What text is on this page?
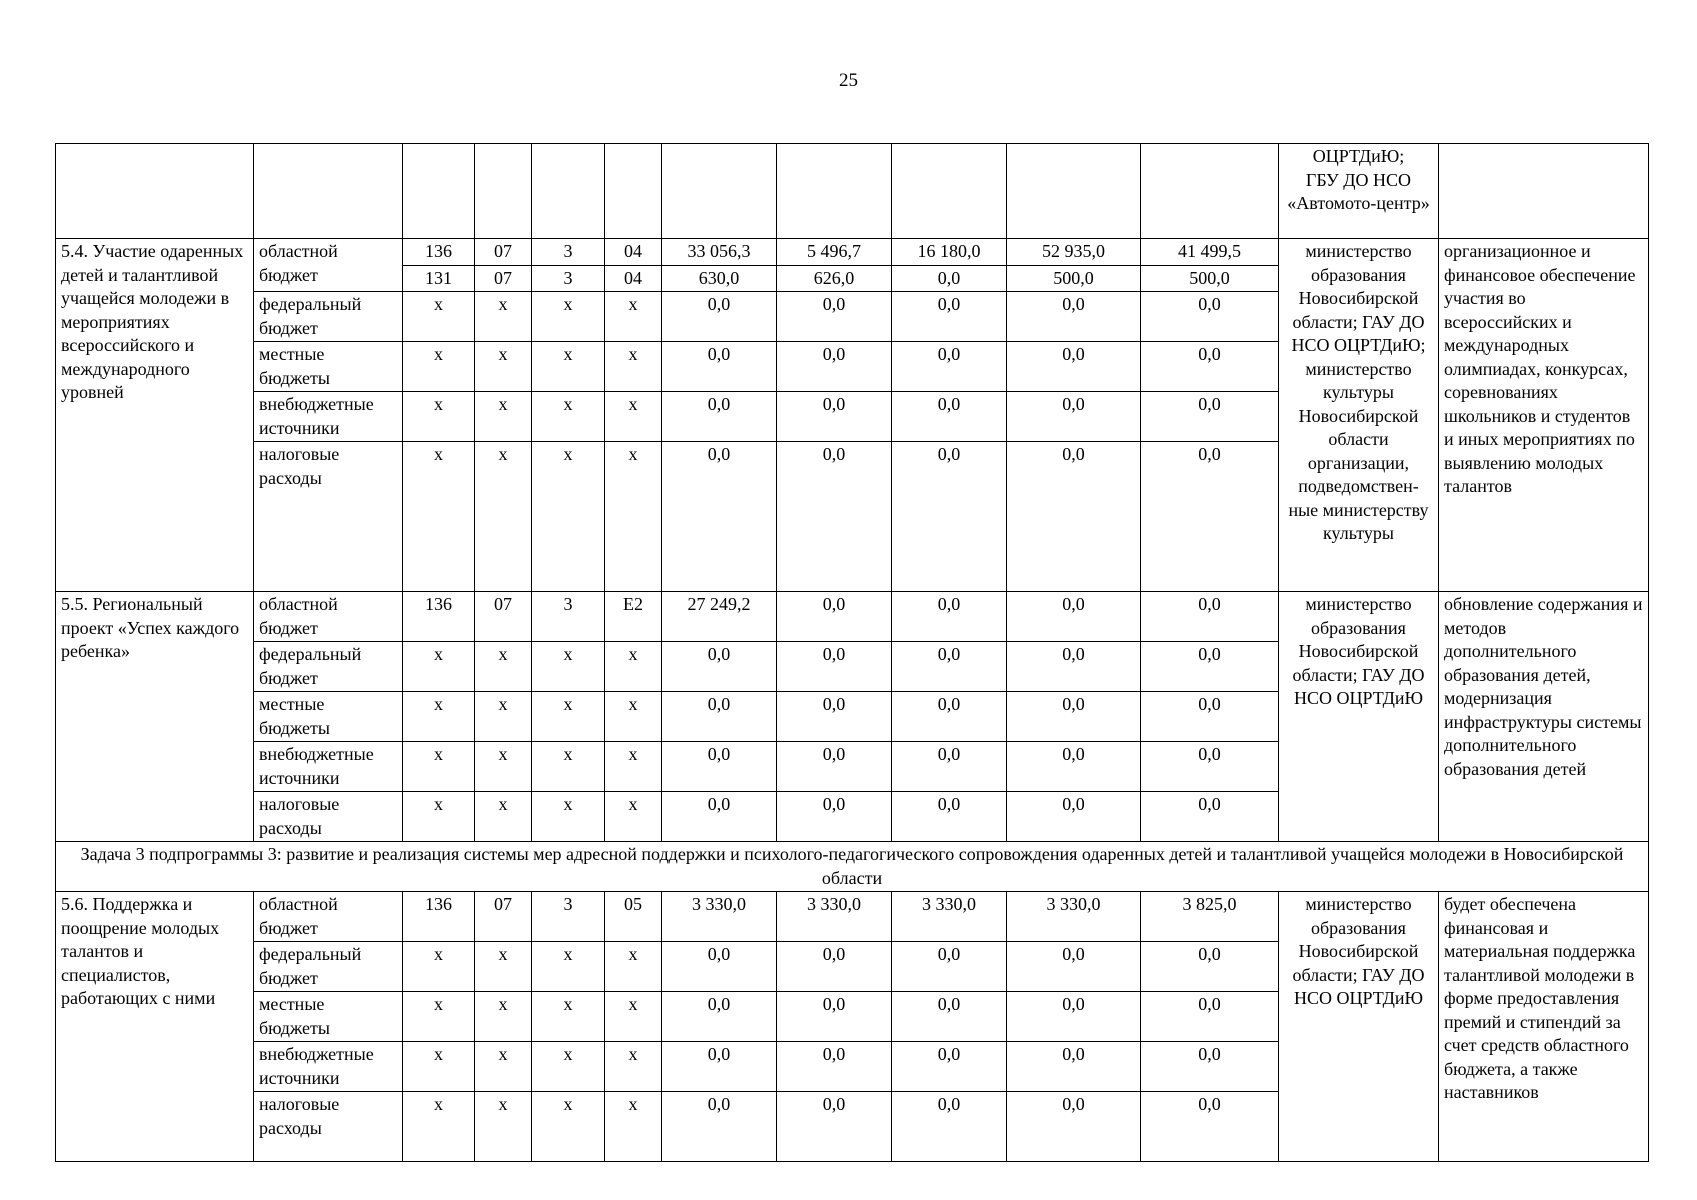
25
											ОЦРТДиЮ;
ГБУ ДО НСО «Автомото-центр»	
5.4. Участие одаренных детей и талантливой учащейся молодежи в мероприятиях всероссийского и международного уровней	областной бюджет	136	07	3	04	33 056,3	5 496,7	16 180,0	52 935,0	41 499,5	министерство образования Новосибирской области; ГАУ ДО НСО ОЦРТДиЮ; министерство культуры Новосибирской области организации, подведомствен-ные министерству культуры	организационное и финансовое обеспечение участия во всероссийских и международных олимпиадах, конкурсах, соревнованиях школьников и студентов и иных мероприятиях по выявлению молодых талантов
		131	07	3	04	630,0	626,0	0,0	500,0	500,0		
	федеральный бюджет	х	х	х	х	0,0	0,0	0,0	0,0	0,0		
	местные бюджеты	х	х	х	х	0,0	0,0	0,0	0,0	0,0		
	внебюджетные источники	х	х	х	х	0,0	0,0	0,0	0,0	0,0		
	налоговые расходы	х	х	х	х	0,0	0,0	0,0	0,0	0,0		
5.5. Региональный проект «Успех каждого ребенка»	областной бюджет	136	07	3	Е2	27 249,2	0,0	0,0	0,0	0,0	министерство образования Новосибирской области; ГАУ ДО НСО ОЦРТДиЮ	обновление содержания и методов дополнительного образования детей, модернизация инфраструктуры системы дополнительного образования детей
	федеральный бюджет	х	х	х	х	0,0	0,0	0,0	0,0	0,0		
	местные бюджеты	х	х	х	х	0,0	0,0	0,0	0,0	0,0		
	внебюджетные источники	х	х	х	х	0,0	0,0	0,0	0,0	0,0		
	налоговые расходы	х	х	х	х	0,0	0,0	0,0	0,0	0,0		
Задача 3 подпрограммы 3: развитие и реализация системы мер адресной поддержки и психолого-педагогического сопровождения одаренных детей и талантливой учащейся молодежи в Новосибирской области												
5.6. Поддержка и поощрение молодых талантов и специалистов, работающих с ними	областной бюджет	136	07	3	05	3 330,0	3 330,0	3 330,0	3 330,0	3 825,0	министерство образования Новосибирской области; ГАУ ДО НСО ОЦРТДиЮ	будет обеспечена финансовая и материальная поддержка талантливой молодежи в форме предоставления премий и стипендий за счет средств областного бюджета, а также наставников
	федеральный бюджет	х	х	х	х	0,0	0,0	0,0	0,0	0,0		
	местные бюджеты	х	х	х	х	0,0	0,0	0,0	0,0	0,0		
	внебюджетные источники	х	х	х	х	0,0	0,0	0,0	0,0	0,0		
	налоговые расходы	х	х	х	х	0,0	0,0	0,0	0,0	0,0		
